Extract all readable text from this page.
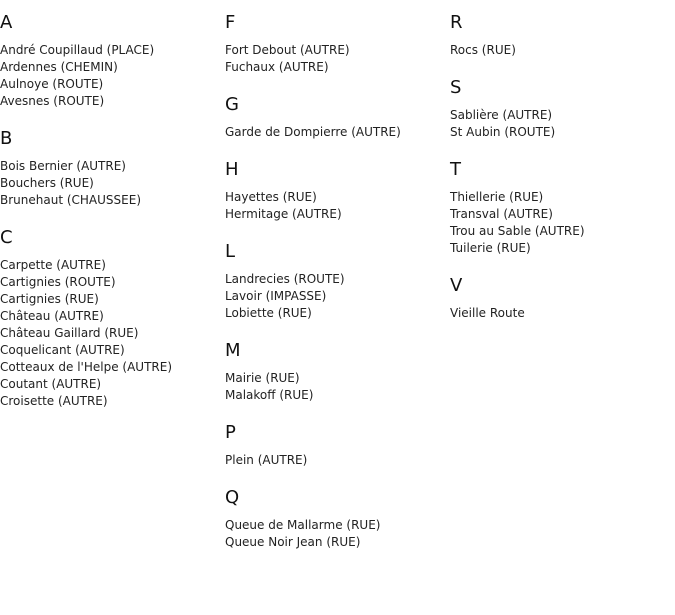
A
André Coupillaud (PLACE)
Ardennes (CHEMIN)
Aulnoye (ROUTE)
Avesnes (ROUTE)
B
Bois Bernier (AUTRE)
Bouchers (RUE)
Brunehaut (CHAUSSEE)
C
Carpette (AUTRE)
Cartignies (ROUTE)
Cartignies (RUE)
Château (AUTRE)
Château Gaillard (RUE)
Coquelicant (AUTRE)
Cotteaux de l'Helpe (AUTRE)
Coutant (AUTRE)
Croisette (AUTRE)
F
Fort Debout (AUTRE)
Fuchaux (AUTRE)
G
Garde de Dompierre (AUTRE)
H
Hayettes (RUE)
Hermitage (AUTRE)
L
Landrecies (ROUTE)
Lavoir (IMPASSE)
Lobiette (RUE)
M
Mairie (RUE)
Malakoff (RUE)
P
Plein (AUTRE)
Q
Queue de Mallarme (RUE)
Queue Noir Jean (RUE)
R
Rocs (RUE)
S
Sablière (AUTRE)
St Aubin (ROUTE)
T
Thiellerie (RUE)
Transval (AUTRE)
Trou au Sable (AUTRE)
Tuilerie (RUE)
V
Vieille Route
